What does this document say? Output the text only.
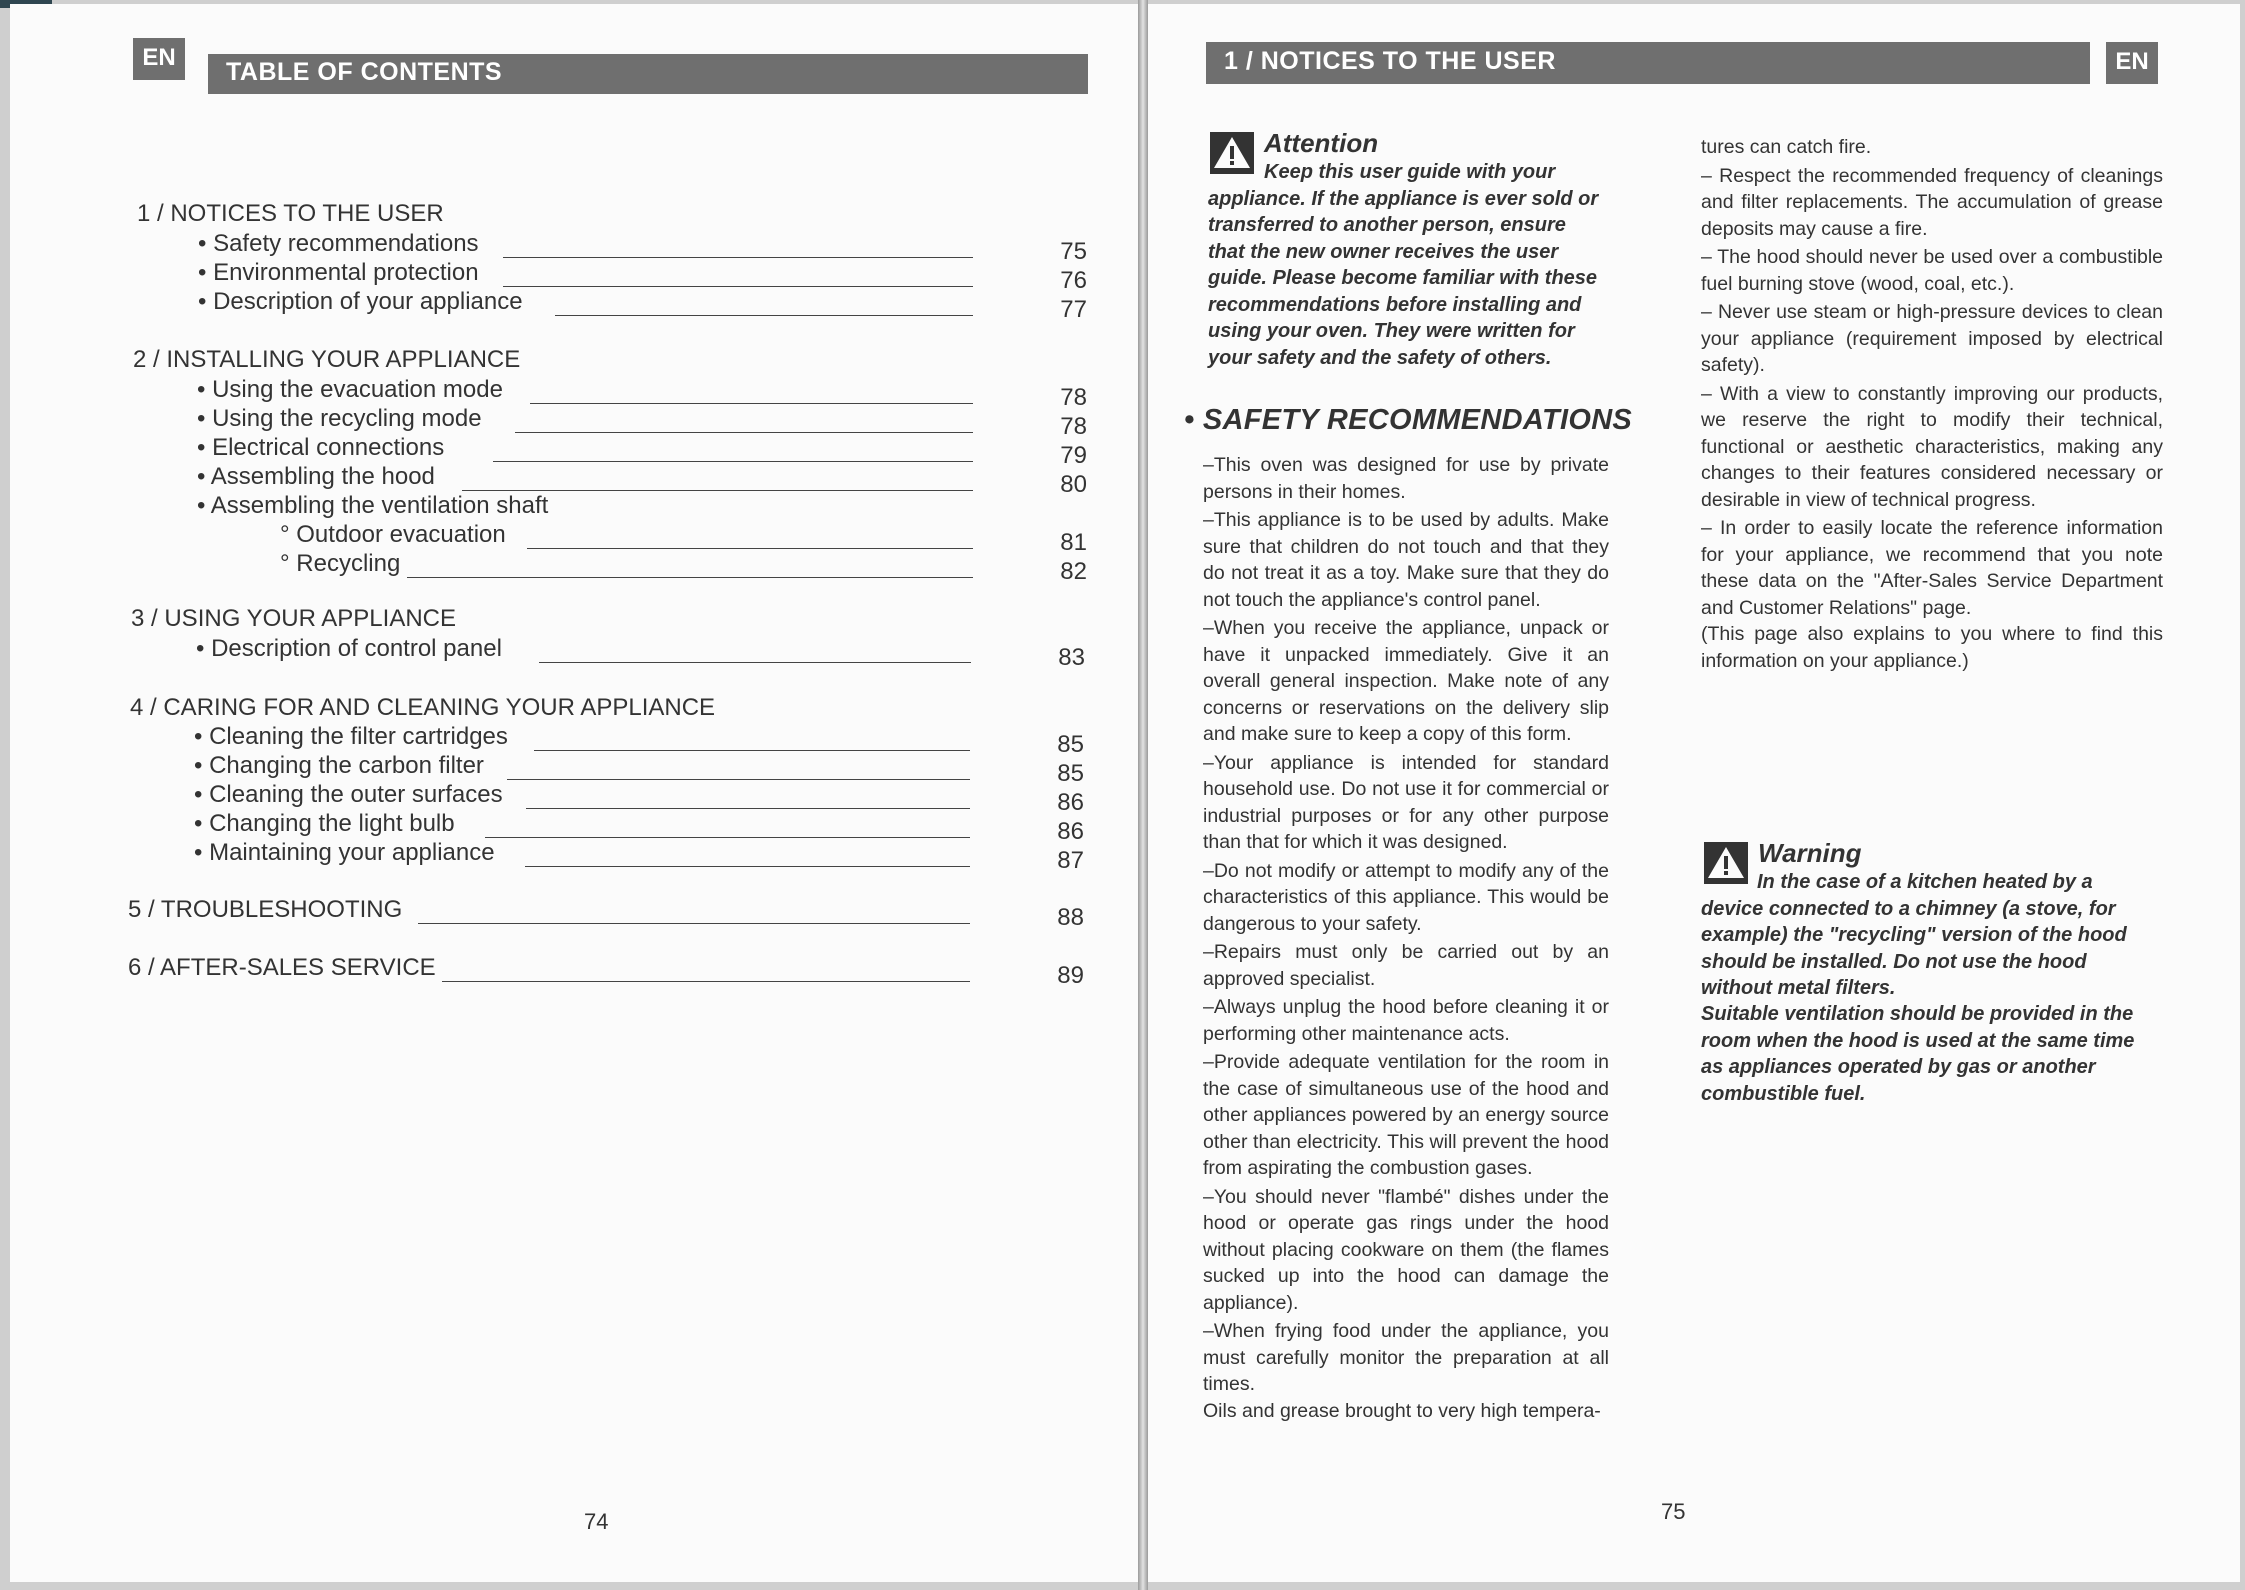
EN
TABLE OF CONTENTS
1 / NOTICES TO THE USER
• Safety recommendations	75
• Environmental protection	76
• Description of your appliance	77
2 / INSTALLING YOUR APPLIANCE
• Using the evacuation mode	78
• Using the recycling mode	78
• Electrical connections	79
• Assembling the hood	80
• Assembling the ventilation shaft
° Outdoor evacuation	81
° Recycling	82
3 / USING YOUR APPLIANCE
• Description of control panel	83
4 / CARING FOR AND CLEANING YOUR APPLIANCE
• Cleaning the filter cartridges	85
• Changing the carbon filter	85
• Cleaning the outer surfaces	86
• Changing the light bulb	86
• Maintaining your appliance	87
5 / TROUBLESHOOTING	88
6 / AFTER-SALES SERVICE	89
74
1 / NOTICES TO THE USER	EN
Attention
Keep this user guide with your appliance. If the appliance is ever sold or transferred to another person, ensure that the new owner receives the user guide. Please become familiar with these recommendations before installing and using your oven. They were written for your safety and the safety of others.
• SAFETY RECOMMENDATIONS

–This oven was designed for use by private persons in their homes.

–This appliance is to be used by adults. Make sure that children do not touch and that they do not treat it as a toy. Make sure that they do not touch the appliance's control panel.

–When you receive the appliance, unpack or have it unpacked immediately. Give it an overall general inspection. Make note of any concerns or reservations on the delivery slip and make sure to keep a copy of this form.

–Your appliance is intended for standard household use. Do not use it for commercial or industrial purposes or for any other purpose than that for which it was designed.

–Do not modify or attempt to modify any of the characteristics of this appliance. This would be dangerous to your safety.

–Repairs must only be carried out by an approved specialist.

–Always unplug the hood before cleaning it or performing other maintenance acts.

–Provide adequate ventilation for the room in the case of simultaneous use of the hood and other appliances powered by an energy source other than electricity. This will prevent the hood from aspirating the combustion gases.

–You should never "flambé" dishes under the hood or operate gas rings under the hood without placing cookware on them (the flames sucked up into the hood can damage the appliance).

–When frying food under the appliance, you must carefully monitor the preparation at all times.

Oils and grease brought to very high tempera-

tures can catch fire.

– Respect the recommended frequency of cleanings and filter replacements. The accumulation of grease deposits may cause a fire.

– The hood should never be used over a combustible fuel burning stove (wood, coal, etc.).

– Never use steam or high-pressure devices to clean your appliance (requirement imposed by electrical safety).

– With a view to constantly improving our products, we reserve the right to modify their technical, functional or aesthetic characteristics, making any changes to their features considered necessary or desirable in view of technical progress.

– In order to easily locate the reference information for your appliance, we recommend that you note these data on the "After-Sales Service Department and Customer Relations" page.

(This page also explains to you where to find this information on your appliance.)

Warning
In the case of a kitchen heated by a device connected to a chimney (a stove, for example) the "recycling" version of the hood should be installed. Do not use the hood without metal filters.
Suitable ventilation should be provided in the room when the hood is used at the same time as appliances operated by gas or another combustible fuel.
75
